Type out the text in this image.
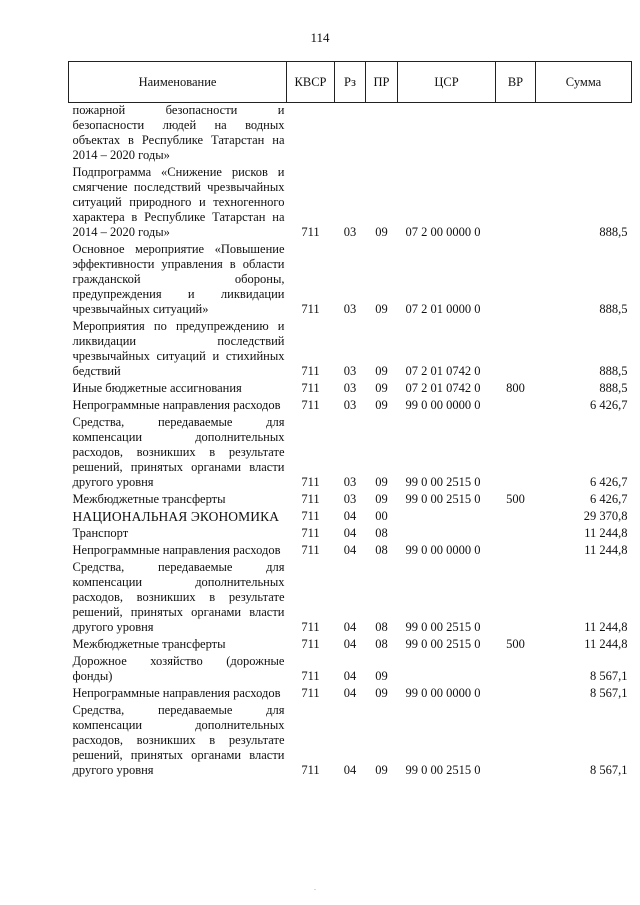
114
Наименование	КВСР	Рз	ПР	ЦСР	ВР	Сумма
пожарной безопасности и безопасности людей на водных объектах в Республике Татарстан на 2014 – 2020 годы»						
Подпрограмма «Снижение рисков и смягчение последствий чрезвычайных ситуаций природного и техногенного характера в Республике Татарстан на 2014 – 2020 годы»	711	03	09	07 2 00 0000 0		888,5
Основное мероприятие «Повышение эффективности управления в области гражданской обороны, предупреждения и ликвидации чрезвычайных ситуаций»	711	03	09	07 2 01 0000 0		888,5
Мероприятия по предупреждению и ликвидации последствий чрезвычайных ситуаций и стихийных бедствий	711	03	09	07 2 01 0742 0		888,5
Иные бюджетные ассигнования	711	03	09	07 2 01 0742 0	800	888,5
Непрограммные направления расходов	711	03	09	99 0 00 0000 0		6 426,7
Средства, передаваемые для компенсации дополнительных расходов, возникших в результате решений, принятых органами власти другого уровня	711	03	09	99 0 00 2515 0		6 426,7
Межбюджетные трансферты	711	03	09	99 0 00 2515 0	500	6 426,7
НАЦИОНАЛЬНАЯ ЭКОНОМИКА	711	04	00			29 370,8
Транспорт	711	04	08			11 244,8
Непрограммные направления расходов	711	04	08	99 0 00 0000 0		11 244,8
Средства, передаваемые для компенсации дополнительных расходов, возникших в результате решений, принятых органами власти другого уровня	711	04	08	99 0 00 2515 0		11 244,8
Межбюджетные трансферты	711	04	08	99 0 00 2515 0	500	11 244,8
Дорожное хозяйство (дорожные фонды)	711	04	09			8 567,1
Непрограммные направления расходов	711	04	09	99 0 00 0000 0		8 567,1
Средства, передаваемые для компенсации дополнительных расходов, возникших в результате решений, принятых органами власти другого уровня	711	04	09	99 0 00 2515 0		8 567,1
.
